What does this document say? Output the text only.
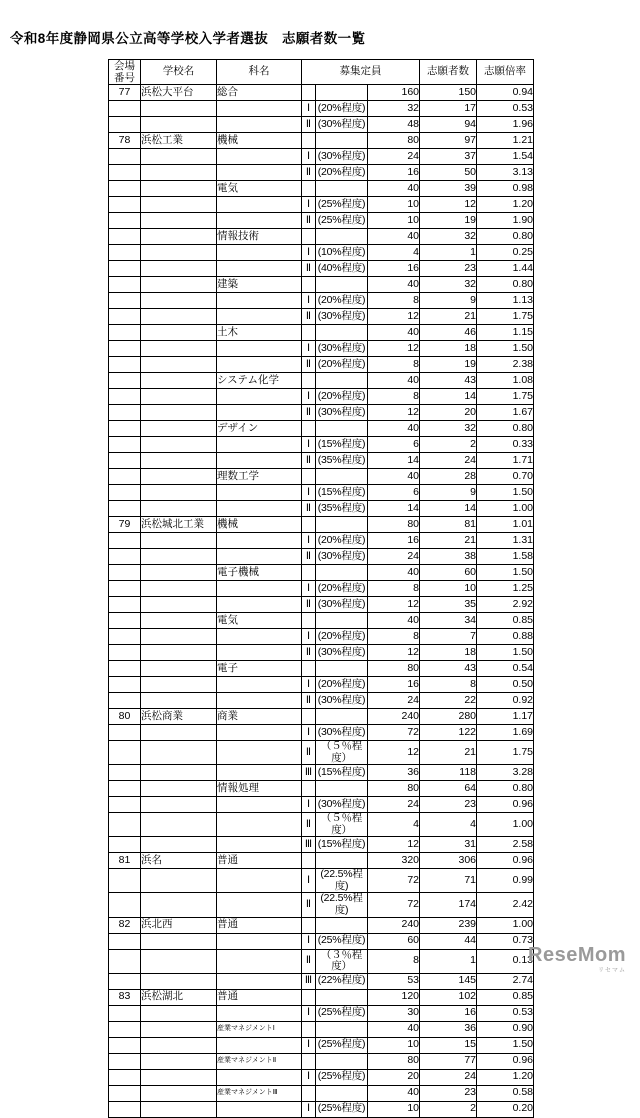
令和8年度静岡県公立高等学校入学者選抜　志願者数一覧
会場
番号	学校名	科名	募集定員			志願者数	志願倍率
77	浜松大平台	総合			160	150	0.94
			Ⅰ	(20%程度)	32	17	0.53
			Ⅱ	(30%程度)	48	94	1.96
78	浜松工業	機械			80	97	1.21
			Ⅰ	(30%程度)	24	37	1.54
			Ⅱ	(20%程度)	16	50	3.13
		電気			40	39	0.98
			Ⅰ	(25%程度)	10	12	1.20
			Ⅱ	(25%程度)	10	19	1.90
		情報技術			40	32	0.80
			Ⅰ	(10%程度)	4	1	0.25
			Ⅱ	(40%程度)	16	23	1.44
		建築			40	32	0.80
			Ⅰ	(20%程度)	8	9	1.13
			Ⅱ	(30%程度)	12	21	1.75
		土木			40	46	1.15
			Ⅰ	(30%程度)	12	18	1.50
			Ⅱ	(20%程度)	8	19	2.38
		システム化学			40	43	1.08
			Ⅰ	(20%程度)	8	14	1.75
			Ⅱ	(30%程度)	12	20	1.67
		デザイン			40	32	0.80
			Ⅰ	(15%程度)	6	2	0.33
			Ⅱ	(35%程度)	14	24	1.71
		理数工学			40	28	0.70
			Ⅰ	(15%程度)	6	9	1.50
			Ⅱ	(35%程度)	14	14	1.00
79	浜松城北工業	機械			80	81	1.01
			Ⅰ	(20%程度)	16	21	1.31
			Ⅱ	(30%程度)	24	38	1.58
		電子機械			40	60	1.50
			Ⅰ	(20%程度)	8	10	1.25
			Ⅱ	(30%程度)	12	35	2.92
		電気			40	34	0.85
			Ⅰ	(20%程度)	8	7	0.88
			Ⅱ	(30%程度)	12	18	1.50
		電子			80	43	0.54
			Ⅰ	(20%程度)	16	8	0.50
			Ⅱ	(30%程度)	24	22	0.92
80	浜松商業	商業			240	280	1.17
			Ⅰ	(30%程度)	72	122	1.69
			Ⅱ	（５％程度）	12	21	1.75
			Ⅲ	(15%程度)	36	118	3.28
		情報処理			80	64	0.80
			Ⅰ	(30%程度)	24	23	0.96
			Ⅱ	（５％程度）	4	4	1.00
			Ⅲ	(15%程度)	12	31	2.58
81	浜名	普通			320	306	0.96
			Ⅰ	(22.5%程度)	72	71	0.99
			Ⅱ	(22.5%程度)	72	174	2.42
82	浜北西	普通			240	239	1.00
			Ⅰ	(25%程度)	60	44	0.73
			Ⅱ	（３％程度）	8	1	0.13
			Ⅲ	(22%程度)	53	145	2.74
83	浜松湖北	普通			120	102	0.85
			Ⅰ	(25%程度)	30	16	0.53
		産業マネジメントⅠ			40	36	0.90
			Ⅰ	(25%程度)	10	15	1.50
		産業マネジメントⅡ			80	77	0.96
			Ⅰ	(25%程度)	20	24	1.20
		産業マネジメントⅢ			40	23	0.58
			Ⅰ	(25%程度)	10	2	0.20
ReseMom
リセマム
